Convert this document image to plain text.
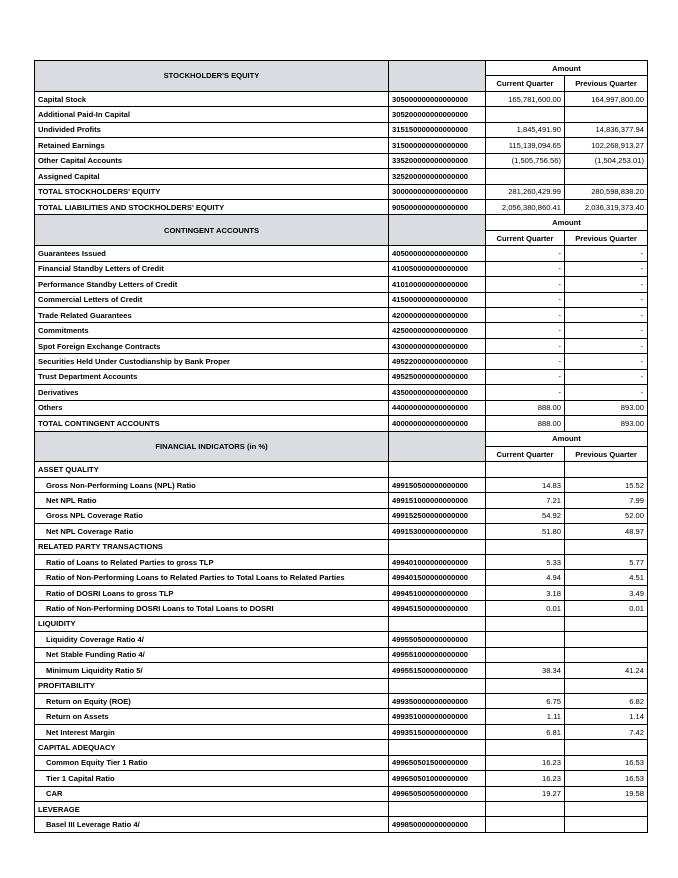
STOCKHOLDER'S EQUITY		Amount	
		Current Quarter	Previous Quarter
Capital Stock	305000000000000000	165,781,600.00	164,997,800.00
Additional Paid-In Capital	305200000000000000		
Undivided Profits	315150000000000000	1,845,491.90	14,836,377.94
Retained Earnings	315000000000000000	115,139,094.65	102,268,913.27
Other Capital Accounts	335200000000000000	(1,505,756.56)	(1,504,253.01)
Assigned Capital	325200000000000000		
TOTAL STOCKHOLDERS' EQUITY	300000000000000000	281,260,429.99	280,598,838.20
TOTAL LIABILITIES AND STOCKHOLDERS' EQUITY	905000000000000000	2,056,380,860.41	2,036,319,373.40
CONTINGENT ACCOUNTS		Amount	
		Current Quarter	Previous Quarter
Guarantees Issued	405000000000000000	-	-
Financial Standby Letters of Credit	410050000000000000	-	-
Performance Standby Letters of Credit	410100000000000000	-	-
Commercial Letters of Credit	415000000000000000	-	-
Trade Related Guarantees	420000000000000000	-	-
Commitments	425000000000000000	-	-
Spot Foreign Exchange Contracts	430000000000000000	-	-
Securities Held Under Custodianship by Bank Proper	495220000000000000	-	-
Trust Department Accounts	495250000000000000	-	-
Derivatives	435000000000000000	-	-
Others	440000000000000000	888.00	893.00
TOTAL CONTINGENT ACCOUNTS	400000000000000000	888.00	893.00
FINANCIAL INDICATORS (in %)		Amount	
		Current Quarter	Previous Quarter
ASSET QUALITY			
Gross Non-Performing Loans (NPL) Ratio	499150500000000000	14.83	15.52
Net NPL Ratio	499151000000000000	7.21	7.99
Gross NPL Coverage Ratio	499152500000000000	54.92	52.00
Net NPL Coverage Ratio	499153000000000000	51.80	48.97
RELATED PARTY TRANSACTIONS			
Ratio of Loans to Related Parties to gross TLP	499401000000000000	5.33	5.77
Ratio of Non-Performing Loans to Related Parties to Total Loans to Related Parties	499401500000000000	4.94	4.51
Ratio of DOSRI Loans to gross TLP	499451000000000000	3.18	3.49
Ratio of Non-Performing DOSRI Loans to Total Loans to DOSRI	499451500000000000	0.01	0.01
LIQUIDITY			
Liquidity Coverage Ratio 4/	499550500000000000		
Net Stable Funding Ratio 4/	499551000000000000		
Minimum Liquidity Ratio 5/	499551500000000000	38.34	41.24
PROFITABILITY			
Return on Equity (ROE)	499350000000000000	6.75	6.82
Return on Assets	499351000000000000	1.11	1.14
Net Interest Margin	499351500000000000	6.81	7.42
CAPITAL ADEQUACY			
Common Equity Tier 1 Ratio	499650501500000000	16.23	16.53
Tier 1 Capital Ratio	499650501000000000	16.23	16.53
CAR	499650500500000000	19.27	19.58
LEVERAGE			
Basel III Leverage Ratio 4/	499850000000000000		
